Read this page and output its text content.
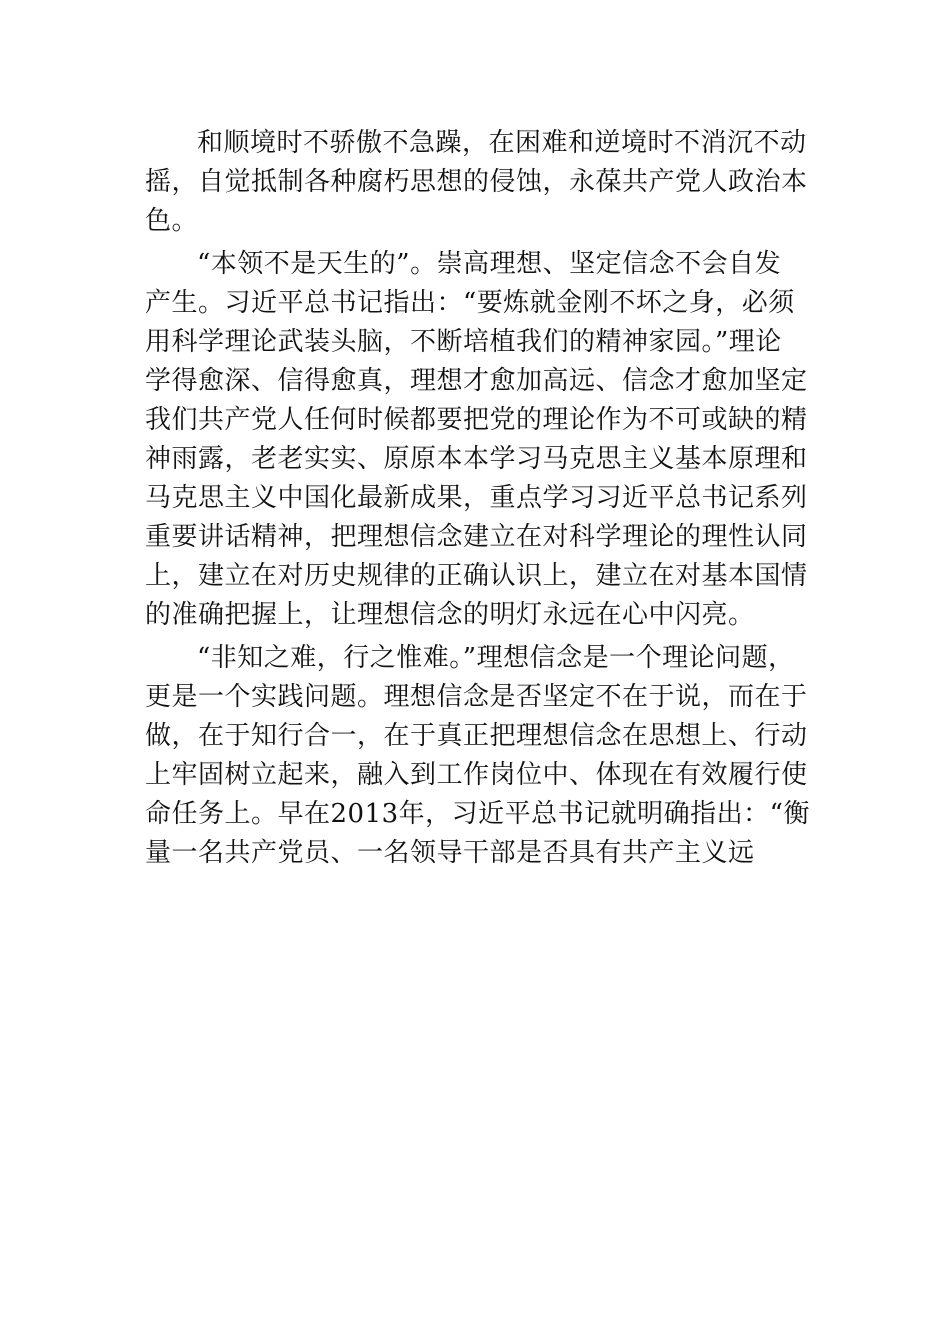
和顺境时不骄傲不急躁，在困难和逆境时不消沉不动
摇，自觉抵制各种腐朽思想的侵蚀，永葆共产党人政治本
色。
“本领不是天生的”。崇高理想、坚定信念不会自发
产生。习近平总书记指出：“要炼就金刚不坏之身，必须
用科学理论武装头脑，不断培植我们的精神家园。”理论
学得愈深、信得愈真，理想才愈加高远、信念才愈加坚定
我们共产党人任何时候都要把党的理论作为不可或缺的精
神雨露，老老实实、原原本本学习马克思主义基本原理和
马克思主义中国化最新成果，重点学习习近平总书记系列
重要讲话精神，把理想信念建立在对科学理论的理性认同
上，建立在对历史规律的正确认识上，建立在对基本国情
的准确把握上，让理想信念的明灯永远在心中闪亮。
“非知之难，行之惟难。”理想信念是一个理论问题，
更是一个实践问题。理想信念是否坚定不在于说，而在于
做，在于知行合一，在于真正把理想信念在思想上、行动
上牢固树立起来，融入到工作岗位中、体现在有效履行使
命任务上。早在2013年，习近平总书记就明确指出：“衡
量一名共产党员、一名领导干部是否具有共产主义远
